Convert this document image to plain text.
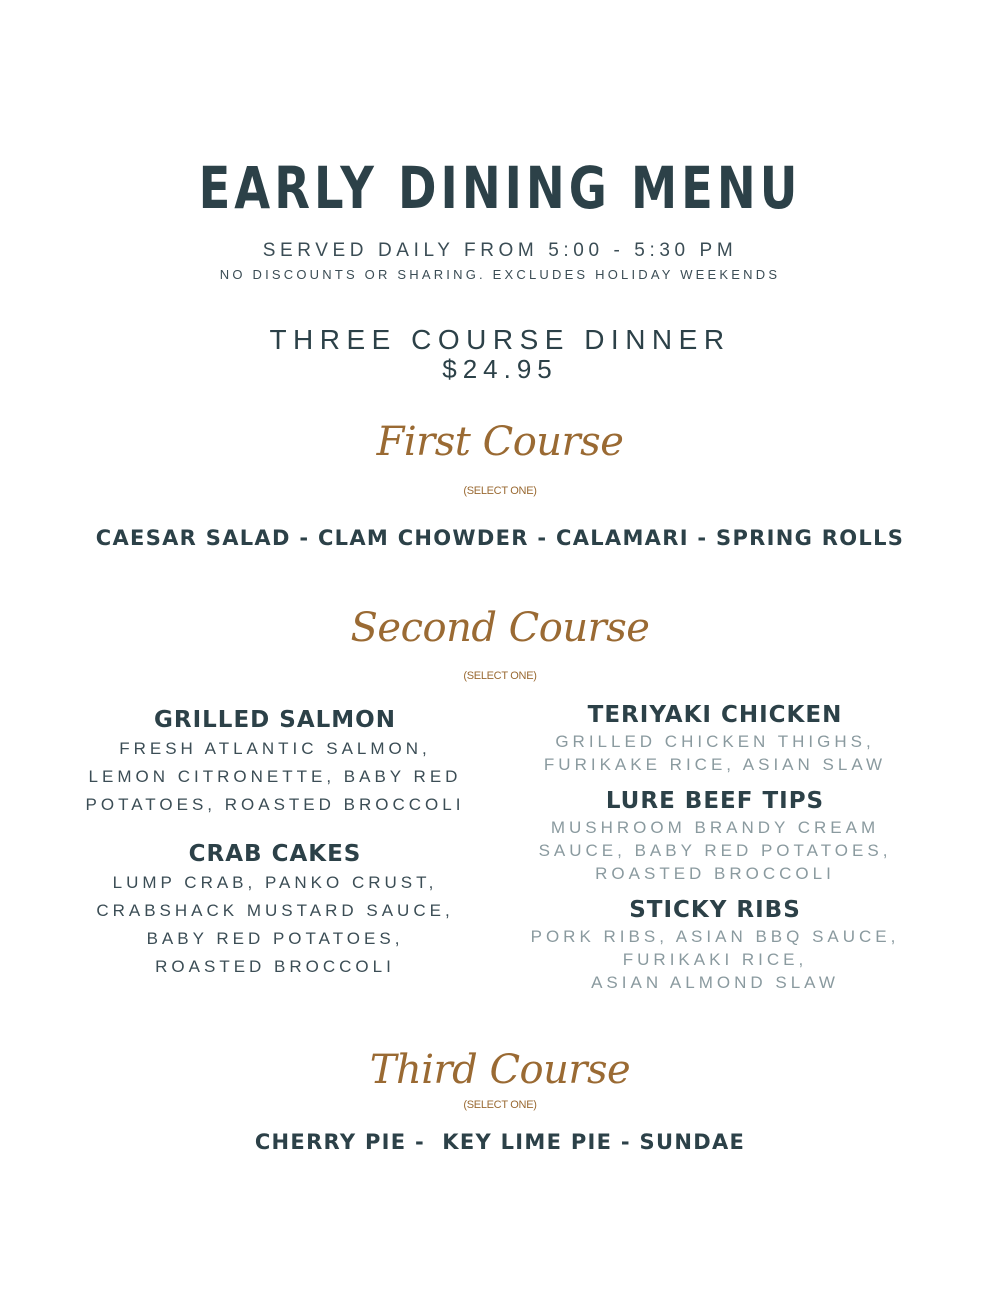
EARLY DINING MENU
SERVED DAILY FROM 5:00 - 5:30 PM
NO DISCOUNTS OR SHARING. EXCLUDES HOLIDAY WEEKENDS
THREE COURSE DINNER
$24.95
First Course
(SELECT ONE)
CAESAR SALAD - CLAM CHOWDER - CALAMARI - SPRING ROLLS
Second Course
(SELECT ONE)
GRILLED SALMON
FRESH ATLANTIC SALMON,
LEMON CITRONETTE, BABY RED
POTATOES, ROASTED BROCCOLI
CRAB CAKES
LUMP CRAB, PANKO CRUST,
CRABSHACK MUSTARD SAUCE,
BABY RED POTATOES,
ROASTED BROCCOLI
TERIYAKI CHICKEN
GRILLED CHICKEN THIGHS,
FURIKAKE RICE, ASIAN SLAW
LURE BEEF TIPS
MUSHROOM BRANDY CREAM
SAUCE, BABY RED POTATOES,
ROASTED BROCCOLI
STICKY RIBS
PORK RIBS, ASIAN BBQ SAUCE,
FURIKAKI RICE,
ASIAN ALMOND SLAW
Third Course
(SELECT ONE)
CHERRY PIE -  KEY LIME PIE - SUNDAE
